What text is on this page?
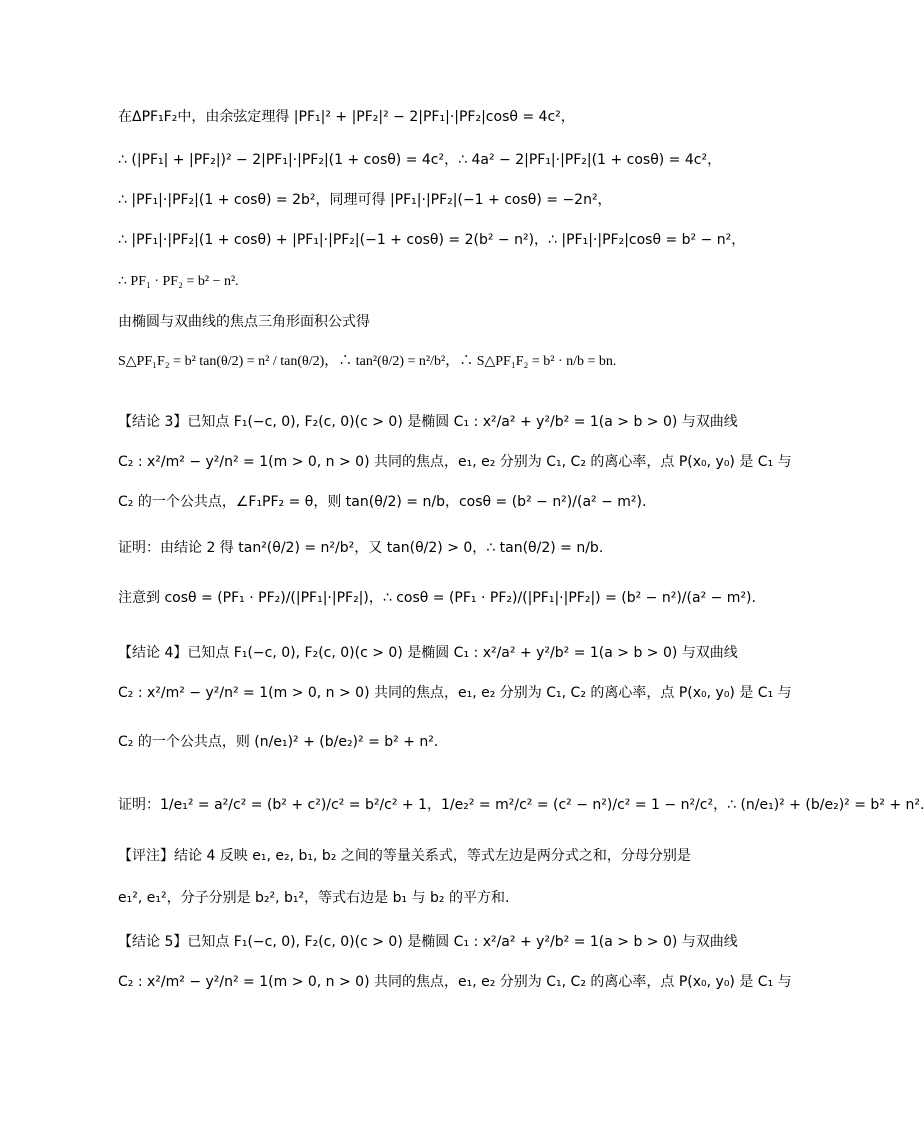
在ΔPF₁F₂中，由余弦定理得 |PF₁|² + |PF₂|² − 2|PF₁|·|PF₂|cosθ = 4c²，
∴ (|PF₁| + |PF₂|)² − 2|PF₁|·|PF₂|(1 + cosθ) = 4c²，∴ 4a² − 2|PF₁|·|PF₂|(1 + cosθ) = 4c²，
∴ |PF₁|·|PF₂|(1 + cosθ) = 2b²，同理可得 |PF₁|·|PF₂|(−1 + cosθ) = −2n²，
∴ |PF₁|·|PF₂|(1 + cosθ) + |PF₁|·|PF₂|(−1 + cosθ) = 2(b² − n²)，∴ |PF₁|·|PF₂|cosθ = b² − n²，
∴ PF₁ · PF₂ = b² − n².
由椭圆与双曲线的焦点三角形面积公式得
S△PF₁F₂ = b² tan(θ/2) = n² / tan(θ/2)，∴ tan²(θ/2) = n²/b²，∴ S△PF₁F₂ = b² · n/b = bn.
【结论 3】已知点 F₁(−c, 0), F₂(c, 0)(c > 0) 是椭圆 C₁ : x²/a² + y²/b² = 1(a > b > 0) 与双曲线
C₂ : x²/m² − y²/n² = 1(m > 0, n > 0) 共同的焦点，e₁, e₂ 分别为 C₁, C₂ 的离心率，点 P(x₀, y₀) 是 C₁ 与
C₂ 的一个公共点，∠F₁PF₂ = θ，则 tan(θ/2) = n/b，cosθ = (b² − n²)/(a² − m²).
证明：由结论 2 得 tan²(θ/2) = n²/b²，又 tan(θ/2) > 0，∴ tan(θ/2) = n/b.
注意到 cosθ = (PF₁ · PF₂)/(|PF₁|·|PF₂|)，∴ cosθ = (PF₁ · PF₂)/(|PF₁|·|PF₂|) = (b² − n²)/(a² − m²).
【结论 4】已知点 F₁(−c, 0), F₂(c, 0)(c > 0) 是椭圆 C₁ : x²/a² + y²/b² = 1(a > b > 0) 与双曲线
C₂ : x²/m² − y²/n² = 1(m > 0, n > 0) 共同的焦点，e₁, e₂ 分别为 C₁, C₂ 的离心率，点 P(x₀, y₀) 是 C₁ 与
C₂ 的一个公共点，则 (n/e₁)² + (b/e₂)² = b² + n².
证明：1/e₁² = a²/c² = (b² + c²)/c² = b²/c² + 1，1/e₂² = m²/c² = (c² − n²)/c² = 1 − n²/c²，∴ (n/e₁)² + (b/e₂)² = b² + n².
【评注】结论 4 反映 e₁, e₂, b₁, b₂ 之间的等量关系式，等式左边是两分式之和，分母分别是
e₁², e₁²，分子分别是 b₂², b₁²，等式右边是 b₁ 与 b₂ 的平方和.
【结论 5】已知点 F₁(−c, 0), F₂(c, 0)(c > 0) 是椭圆 C₁ : x²/a² + y²/b² = 1(a > b > 0) 与双曲线
C₂ : x²/m² − y²/n² = 1(m > 0, n > 0) 共同的焦点，e₁, e₂ 分别为 C₁, C₂ 的离心率，点 P(x₀, y₀) 是 C₁ 与
